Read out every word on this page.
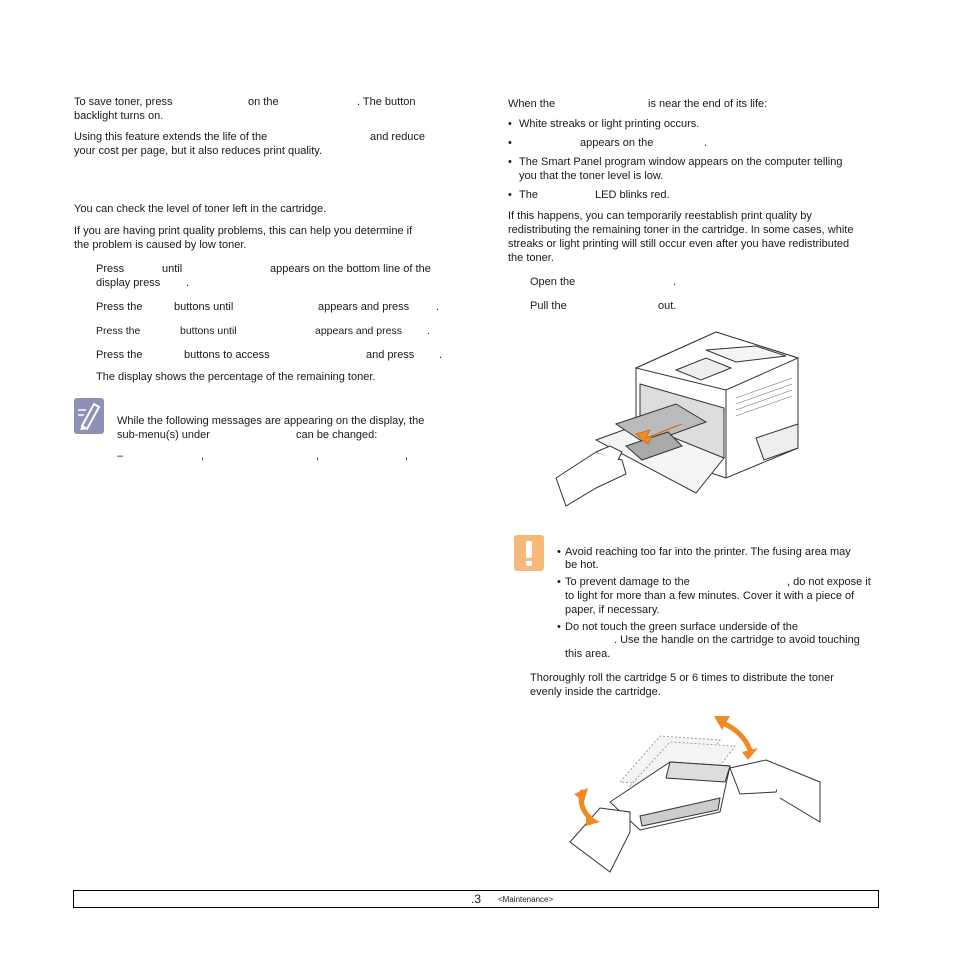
To save toner, press	on the	. The button
backlight turns on.
Using this feature extends the life of the	and reduce
your cost per page, but it also reduces print quality.
You can check the level of toner left in the cartridge.
If you are having print quality problems, this can help you determine if
the problem is caused by low toner.
Press	until	appears on the bottom line of the
display press .
Press the	buttons until	appears and press .
Press the	buttons until	appears and press .
Press the	buttons to access	and press .
The display shows the percentage of the remaining toner.
While the following messages are appearing on the display, the
sub-menu(s) under	can be changed:
–	,	,	,
When the	is near the end of its life:
• White streaks or light printing occurs.
•	appears on the	.
• The Smart Panel program window appears on the computer telling
you that the toner level is low.
• The	LED blinks red.
If this happens, you can temporarily reestablish print quality by
redistributing the remaining toner in the cartridge. In some cases, white
streaks or light printing will still occur even after you have redistributed
the toner.
Open the	.
Pull the	out.
• Avoid reaching too far into the printer. The fusing area may
be hot.
• To prevent damage to the	, do not expose it
to light for more than a few minutes. Cover it with a piece of
paper, if necessary.
• Do not touch the green surface underside of the
. Use the handle on the cartridge to avoid touching
this area.
Thoroughly roll the cartridge 5 or 6 times to distribute the toner
evenly inside the cartridge.
.3 <Maintenance>
